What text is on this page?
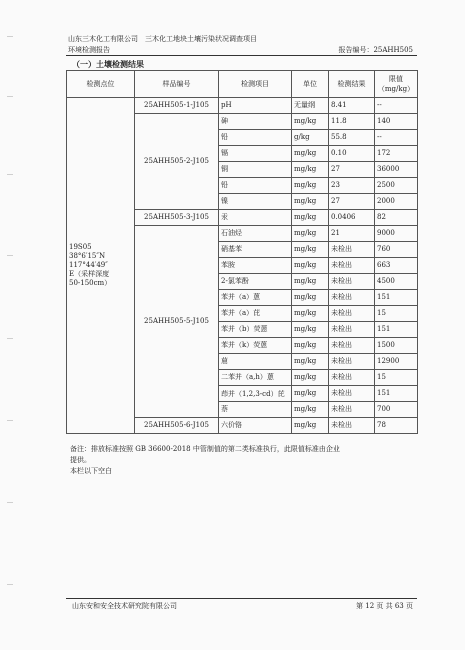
山东三木化工有限公司　三木化工地块土壤污染状况调查项目
环境检测报告	报告编号：25AHH505
（一）土壤检测结果
检测点位	样品编号	检测项目	单位	检测结果	限值
（mg/kg）

19S05
38°6′15″N
117°44′49″
E（采样深度
50-150cm）	25AHH505-1-J105	pH	无量纲	8.41	--
	25AHH505-2-J105	砷	mg/kg	11.8	140
		铅	g/kg	55.8	--
		镉	mg/kg	0.10	172
		铜	mg/kg	27	36000
		铅	mg/kg	23	2500
		镍	mg/kg	27	2000
	25AHH505-3-J105	汞	mg/kg	0.0406	82
	25AHH505-5-J105	石油烃	mg/kg	21	9000
		硝基苯	mg/kg	未检出	760
		苯胺	mg/kg	未检出	663
		2-氯苯酚	mg/kg	未检出	4500
		苯并（a）蒽	mg/kg	未检出	151
		苯并（a）芘	mg/kg	未检出	15
		苯并（b）荧蒽	mg/kg	未检出	151
		苯并（k）荧蒽	mg/kg	未检出	1500
		䓛	mg/kg	未检出	12900
		二苯并（a,h）蒽	mg/kg	未检出	15
		茚并（1,2,3-cd）芘	mg/kg	未检出	151
		萘	mg/kg	未检出	700
	25AHH505-6-J105	六价铬	mg/kg	未检出	78
备注：排放标准按照 GB 36600-2018 中管制值的第二类标准执行，此限值标准由企业
提供。
本栏以下空白
山东安和安全技术研究院有限公司	第 12 页 共 63 页
